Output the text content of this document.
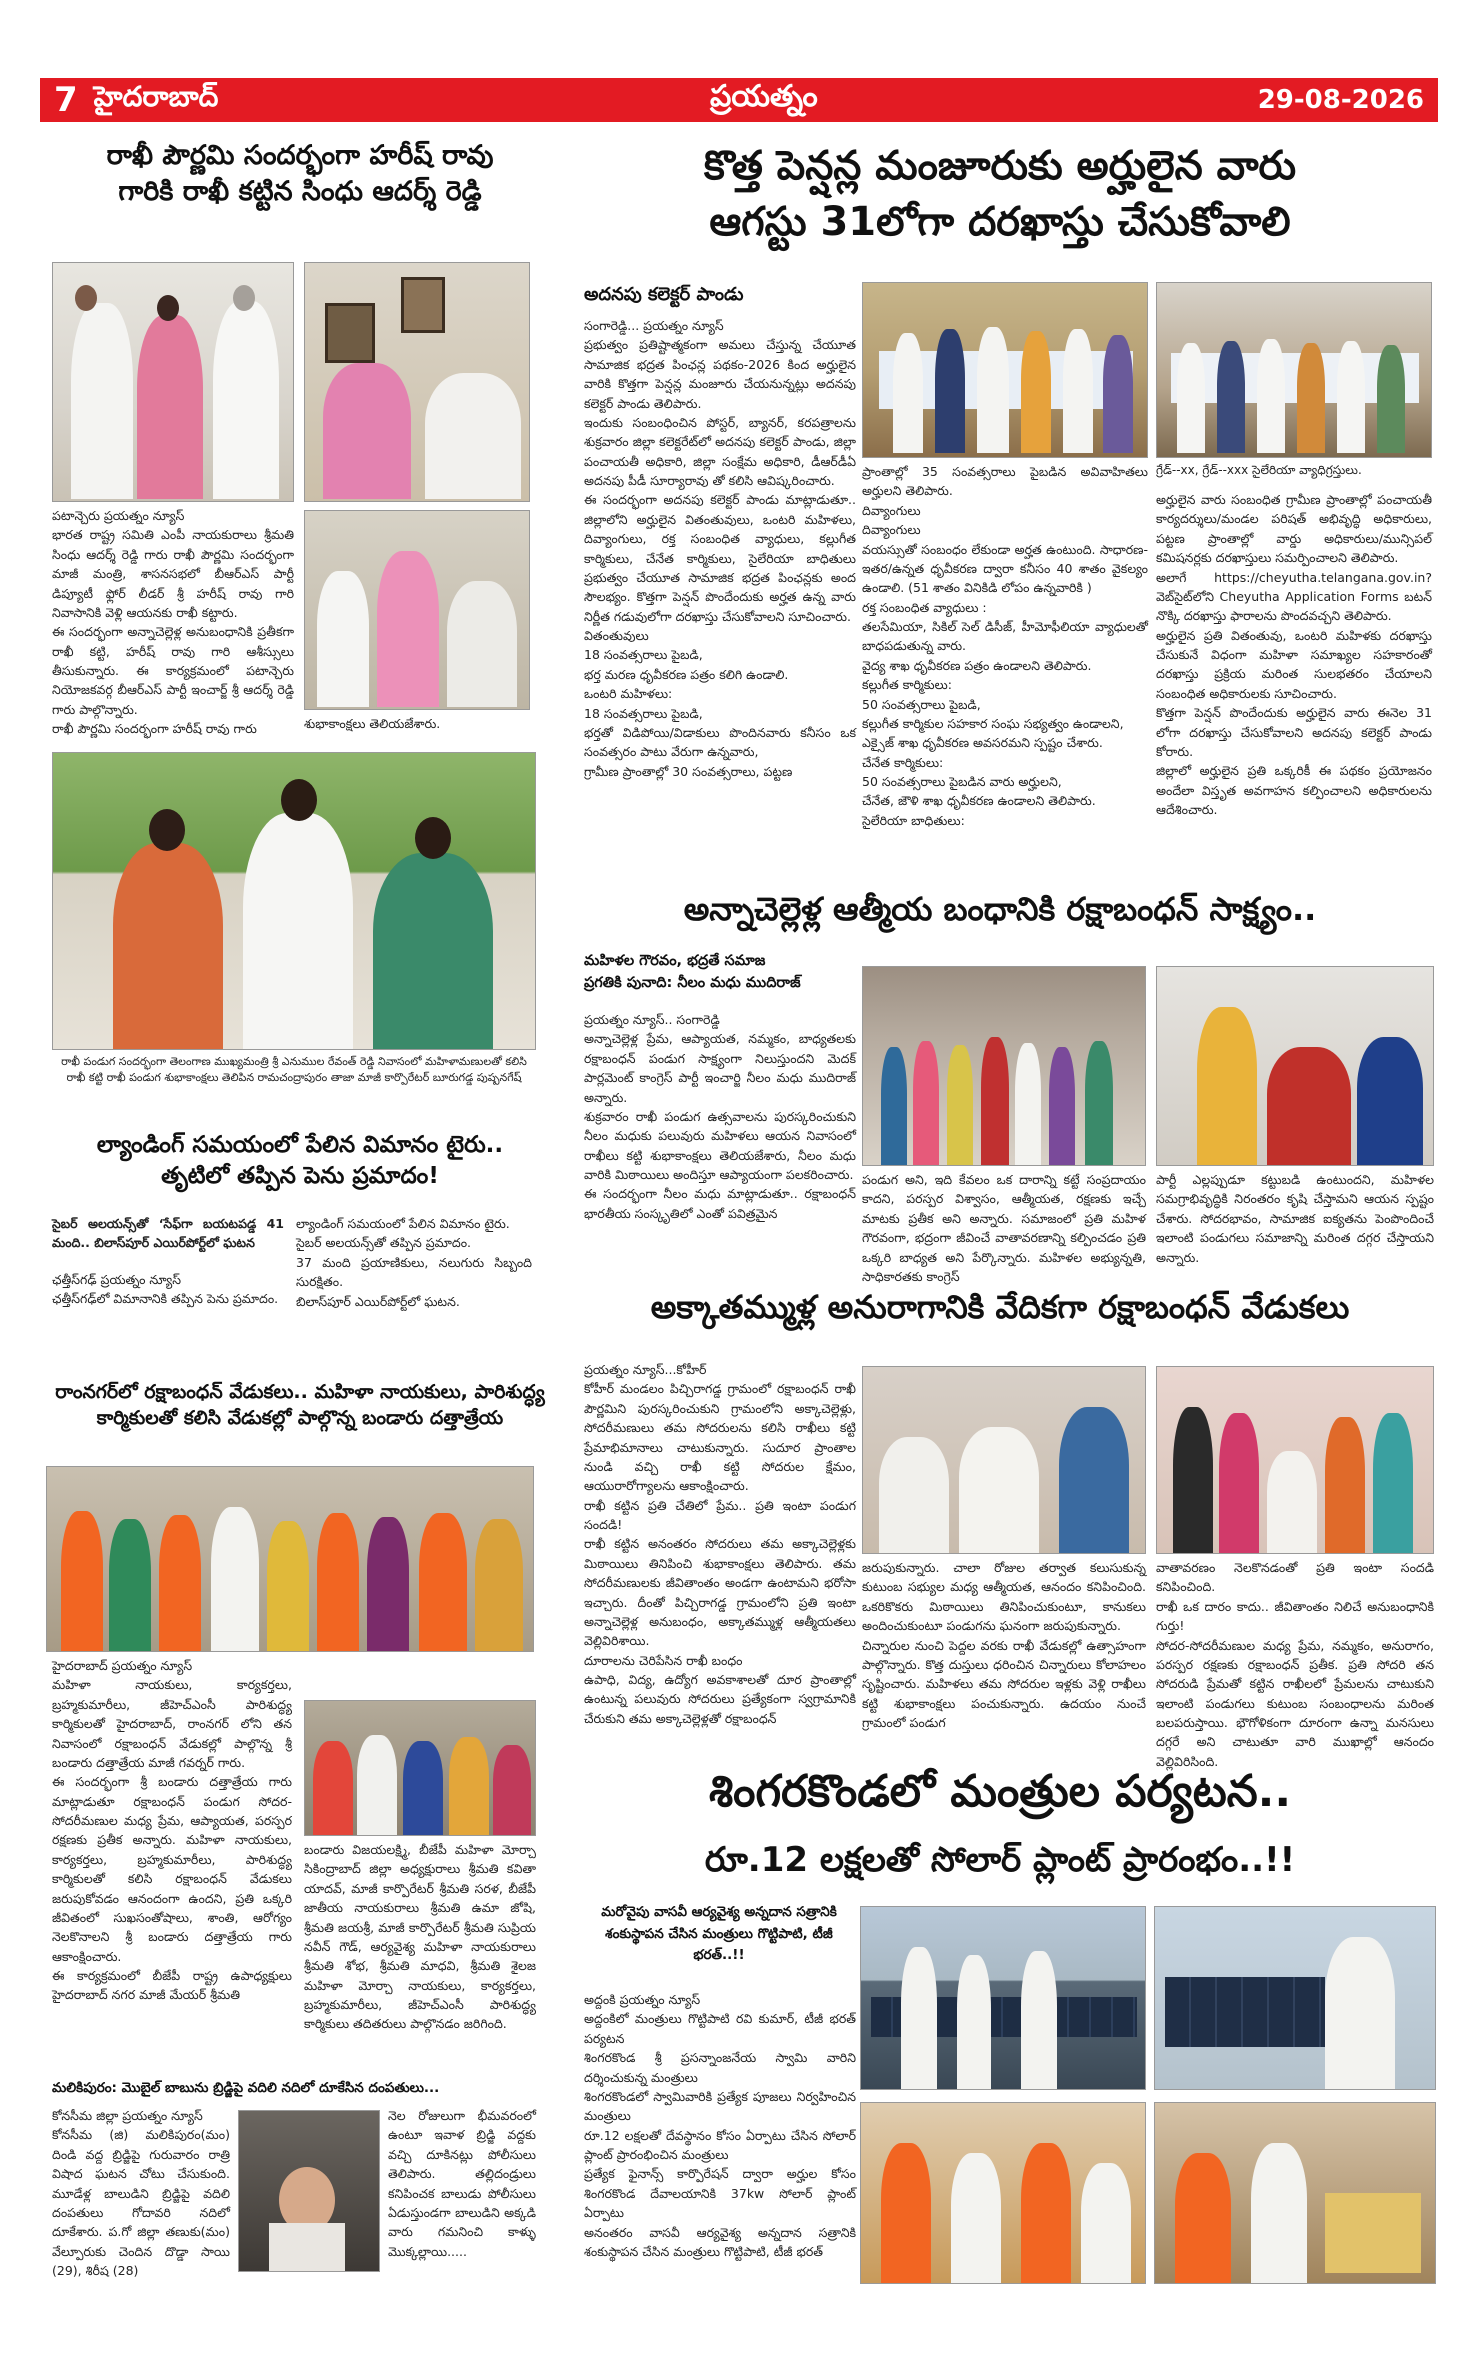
7 హైదరాబాద్	ప్రయత్నం	29-08-2026
రాఖీ పౌర్ణమి సందర్భంగా హరీష్ రావు
గారికి రాఖీ కట్టిన సింధు ఆదర్శ్ రెడ్డి
పటాన్చెరు ప్రయత్నం న్యూస్
భారత రాష్ట్ర సమితి ఎంపీ నాయకురాలు శ్రీమతి సింధు ఆదర్శ్ రెడ్డి గారు రాఖీ పౌర్ణమి సందర్భంగా మాజీ మంత్రి, శాసనసభలో బీఆర్ఎస్ పార్టీ డిప్యూటీ ఫ్లోర్ లీడర్ శ్రీ హరీష్ రావు గారి నివాసానికి వెళ్లి ఆయనకు రాఖీ కట్టారు.
ఈ సందర్భంగా అన్నాచెల్లెళ్ల అనుబంధానికి ప్రతీకగా రాఖీ కట్టి, హరీష్ రావు గారి ఆశీస్సులు తీసుకున్నారు. ఈ కార్యక్రమంలో పటాన్చెరు నియోజకవర్గ బీఆర్ఎస్ పార్టీ ఇంచార్జ్ శ్రీ ఆదర్శ్ రెడ్డి గారు పాల్గొన్నారు.
రాఖీ పౌర్ణమి సందర్భంగా హరీష్ రావు గారు	శుభాకాంక్షలు తెలియజేశారు.
రాఖీ పండుగ సందర్భంగా తెలంగాణ ముఖ్యమంత్రి శ్రీ ఎనుముల రేవంత్ రెడ్డి నివాసంలో మహిళామణులతో కలిసి రాఖీ కట్టి రాఖీ పండుగ శుభాకాంక్షలు తెలిపిన రామచంద్రాపురం తాజా మాజీ కార్పొరేటర్ బూరుగడ్డ పుష్పనగేష్
ల్యాండింగ్ సమయంలో పేలిన విమానం టైరు..
తృటిలో తప్పిన పెను ప్రమాదం!
సైబర్ అలయన్స్‌తో ‘సేఫ్‌గా బయటపడ్డ 41 మంది.. బిలాస్‌పూర్ ఎయిర్‌పోర్ట్‌లో ఘటన
ఛత్తీస్‌గఢ్ ప్రయత్నం న్యూస్
ఛత్తీస్‌గఢ్‌లో విమానానికి తప్పిన పెను ప్రమాదం.
ల్యాండింగ్ సమయంలో పేలిన విమానం టైరు.
సైబర్ అలయన్స్‌తో తప్పిన ప్రమాదం.
37 మంది ప్రయాణికులు, నలుగురు సిబ్బంది సురక్షితం.
బిలాస్‌పూర్ ఎయిర్‌పోర్ట్‌లో ఘటన.
రాంనగర్‌లో రక్షాబంధన్ వేడుకలు.. మహిళా నాయకులు, పారిశుద్ధ్య
కార్మికులతో కలిసి వేడుకల్లో పాల్గొన్న బండారు దత్తాత్రేయ
హైదరాబాద్ ప్రయత్నం న్యూస్
మహిళా నాయకులు, కార్యకర్తలు, బ్రహ్మకుమారీలు, జీహెచ్‌ఎంసీ పారిశుద్ధ్య కార్మికులతో హైదరాబాద్, రాంనగర్ లోని తన నివాసంలో రక్షాబంధన్ వేడుకల్లో పాల్గొన్న శ్రీ బండారు దత్తాత్రేయ మాజీ గవర్నర్ గారు.
ఈ సందర్భంగా శ్రీ బండారు దత్తాత్రేయ గారు మాట్లాడుతూ రక్షాబంధన్ పండుగ సోదర-సోదరీమణుల మధ్య ప్రేమ, ఆప్యాయత, పరస్పర రక్షణకు ప్రతీక అన్నారు. మహిళా నాయకులు, కార్యకర్తలు, బ్రహ్మకుమారీలు, పారిశుద్ధ్య కార్మికులతో కలిసి రక్షాబంధన్ వేడుకలు జరుపుకోవడం ఆనందంగా ఉందని, ప్రతి ఒక్కరి జీవితంలో సుఖసంతోషాలు, శాంతి, ఆరోగ్యం నెలకొనాలని శ్రీ బండారు దత్తాత్రేయ గారు ఆకాంక్షించారు.
ఈ కార్యక్రమంలో బీజేపీ రాష్ట్ర ఉపాధ్యక్షులు హైదరాబాద్ నగర మాజీ మేయర్ శ్రీమతి
బండారు విజయలక్ష్మి, బీజేపీ మహిళా మోర్చా సికింద్రాబాద్ జిల్లా అధ్యక్షురాలు శ్రీమతి కవితా యాదవ్, మాజీ కార్పొరేటర్ శ్రీమతి సరళ, బీజేపీ జాతీయ నాయకురాలు శ్రీమతి ఉమా జోషి, శ్రీమతి జయశ్రీ, మాజీ కార్పొరేటర్ శ్రీమతి సుప్రియ నవీన్ గౌడ్, ఆర్యవైశ్య మహిళా నాయకురాలు శ్రీమతి శోభ, శ్రీమతి మాధవి, శ్రీమతి శైలజ మహిళా మోర్చా నాయకులు, కార్యకర్తలు, బ్రహ్మకుమారీలు, జీహెచ్‌ఎంసీ పారిశుద్ధ్య కార్మికులు తదితరులు పాల్గొనడం జరిగింది.
మలికిపురం: మొబైల్ బాబును బ్రిడ్జిపై వదిలి నదిలో దూకేసిన దంపతులు...
కోనసీమ జిల్లా ప్రయత్నం న్యూస్
కోనసీమ (జి) మలికిపురం(మం) దిండి వద్ద బ్రిడ్జిపై గురువారం రాత్రి విషాద ఘటన చోటు చేసుకుంది. మూడేళ్ల బాలుడిని బ్రిడ్జిపై వదిలి దంపతులు గోదావరి నదిలో దూకేశారు. ప.గో జిల్లా తణుకు(మం) వేల్పూరుకు చెందిన దొడ్డా సాయి (29), శిరీష (28)
నెల రోజులుగా భీమవరంలో ఉంటూ ఇవాళ బ్రిడ్జి వద్దకు వచ్చి దూకినట్లు పోలీసులు తెలిపారు. తల్లిదండ్రులు కనిపించక బాలుడు పోలీసులు ఏడుస్తుండగా బాలుడిని అక్కడి వారు గమనించి కాళ్ళు మొక్కల్లాయి.....
కొత్త పెన్షన్ల మంజూరుకు అర్హులైన వారు
ఆగస్టు 31లోగా దరఖాస్తు చేసుకోవాలి
అదనపు కలెక్టర్ పాండు
సంగారెడ్డి... ప్రయత్నం న్యూస్
ప్రభుత్వం ప్రతిష్టాత్మకంగా అమలు చేస్తున్న చేయూత సామాజిక భద్రత పింఛన్ల పథకం-2026 కింద అర్హులైన వారికి కొత్తగా పెన్షన్ల మంజూరు చేయనున్నట్లు అదనపు కలెక్టర్ పాండు తెలిపారు.
ఇందుకు సంబంధించిన పోస్టర్, బ్యానర్, కరపత్రాలను శుక్రవారం జిల్లా కలెక్టరేట్‌లో అదనపు కలెక్టర్ పాండు, జిల్లా పంచాయతీ అధికారి, జిల్లా సంక్షేమ అధికారి, డీఆర్‌డీఏ అదనపు పీడీ సూర్యారావు తో కలిసి ఆవిష్కరించారు.
ఈ సందర్భంగా అదనపు కలెక్టర్ పాండు మాట్లాడుతూ.. జిల్లాలోని అర్హులైన వితంతువులు, ఒంటరి మహిళలు, దివ్యాంగులు, రక్త సంబంధిత వ్యాధులు, కల్లుగీత కార్మికులు, చేనేత కార్మికులు, సైలేరియా బాధితులు ప్రభుత్వం చేయూత సామాజిక భద్రత పింఛన్లకు అంద సౌలభ్యం. కొత్తగా పెన్షన్ పొందేందుకు అర్హత ఉన్న వారు నిర్ణీత గడువులోగా దరఖాస్తు చేసుకోవాలని సూచించారు.
వితంతువులు
18 సంవత్సరాలు పైబడి,
భర్త మరణ ధృవీకరణ పత్రం కలిగి ఉండాలి.
ఒంటరి మహిళలు:
18 సంవత్సరాలు పైబడి,
భర్తతో విడిపోయి/విడాకులు పొందినవారు కనీసం ఒక సంవత్సరం పాటు వేరుగా ఉన్నవారు,
గ్రామీణ ప్రాంతాల్లో 30 సంవత్సరాలు, పట్టణ
ప్రాంతాల్లో 35 సంవత్సరాలు పైబడిన అవివాహితలు అర్హులని తెలిపారు.
దివ్యాంగులు
దివ్యాంగులు
వయస్సుతో సంబంధం లేకుండా అర్హత ఉంటుంది. సాధారణ-ఇతర/ఉన్నత ధృవీకరణ ద్వారా కనీసం 40 శాతం వైకల్యం ఉండాలి. (51 శాతం వినికిడి లోపం ఉన్నవారికి )
రక్త సంబంధిత వ్యాధులు :
తలసేమియా, సికిల్ సెల్ డిసీజ్, హీమోఫీలియా వ్యాధులతో బాధపడుతున్న వారు.
వైద్య శాఖ ధృవీకరణ పత్రం ఉండాలని తెలిపారు.
కల్లుగీత కార్మికులు:
50 సంవత్సరాలు పైబడి,
కల్లుగీత కార్మికుల సహకార సంఘ సభ్యత్వం ఉండాలని,
ఎక్సైజ్ శాఖ ధృవీకరణ అవసరమని స్పష్టం చేశారు.
చేనేత కార్మికులు:
50 సంవత్సరాలు పైబడిన వారు అర్హులని,
చేనేత, జౌళి శాఖ ధృవీకరణ ఉండాలని తెలిపారు.
సైలేరియా బాధితులు:
గ్రేడ్--xx, గ్రేడ్--xxx సైలేరియా వ్యాధిగ్రస్తులు.
అర్హులైన వారు సంబంధిత గ్రామీణ ప్రాంతాల్లో పంచాయతీ కార్యదర్శులు/మండల పరిషత్ అభివృద్ధి అధికారులు, పట్టణ ప్రాంతాల్లో వార్డు అధికారులు/మున్సిపల్ కమిషనర్లకు దరఖాస్తులు సమర్పించాలని తెలిపారు.
అలాగే https://cheyutha.telangana.gov.in? వెబ్‌సైట్‌లోని Cheyutha Application Forms బటన్ నొక్కి దరఖాస్తు ఫారాలను పొందవచ్చని తెలిపారు.
అర్హులైన ప్రతి వితంతువు, ఒంటరి మహిళకు దరఖాస్తు చేసుకునే విధంగా మహిళా సమాఖ్యల సహకారంతో దరఖాస్తు ప్రక్రియ మరింత సులభతరం చేయాలని సంబంధిత అధికారులకు సూచించారు.
కొత్తగా పెన్షన్ పొందేందుకు అర్హులైన వారు ఈనెల 31 లోగా దరఖాస్తు చేసుకోవాలని అదనపు కలెక్టర్ పాండు కోరారు.
జిల్లాలో అర్హులైన ప్రతి ఒక్కరికీ ఈ పథకం ప్రయోజనం అందేలా విస్తృత అవగాహన కల్పించాలని అధికారులను ఆదేశించారు.
అన్నాచెల్లెళ్ల ఆత్మీయ బంధానికి రక్షాబంధన్ సాక్ష్యం..
మహిళల గౌరవం, భద్రతే సమాజ
ప్రగతికి పునాది: నీలం మధు ముదిరాజ్
ప్రయత్నం న్యూస్.. సంగారెడ్డి
అన్నాచెల్లెళ్ల ప్రేమ, ఆప్యాయత, నమ్మకం, బాధ్యతలకు రక్షాబంధన్ పండుగ సాక్ష్యంగా నిలుస్తుందని మెదక్ పార్లమెంట్ కాంగ్రెస్ పార్టీ ఇంచార్జి నీలం మధు ముదిరాజ్ అన్నారు.
శుక్రవారం రాఖీ పండుగ ఉత్సవాలను పురస్కరించుకుని నీలం మధుకు పలువురు మహిళలు ఆయన నివాసంలో రాఖీలు కట్టి శుభాకాంక్షలు తెలియజేశారు, నీలం మధు వారికి మిఠాయిలు అందిస్తూ ఆప్యాయంగా పలకరించారు.
ఈ సందర్భంగా నీలం మధు మాట్లాడుతూ.. రక్షాబంధన్ భారతీయ సంస్కృతిలో ఎంతో పవిత్రమైన
పండుగ అని, ఇది కేవలం ఒక దారాన్ని కట్టే సంప్రదాయం కాదని, పరస్పర విశ్వాసం, ఆత్మీయత, రక్షణకు ఇచ్చే మాటకు ప్రతీక అని అన్నారు. సమాజంలో ప్రతి మహిళ గౌరవంగా, భద్రంగా జీవించే వాతావరణాన్ని కల్పించడం ప్రతి ఒక్కరి బాధ్యత అని పేర్కొన్నారు. మహిళల అభ్యున్నతి, సాధికారతకు కాంగ్రెస్
పార్టీ ఎల్లప్పుడూ కట్టుబడి ఉంటుందని, మహిళల సమగ్రాభివృద్ధికి నిరంతరం కృషి చేస్తామని ఆయన స్పష్టం చేశారు. సోదరభావం, సామాజిక ఐక్యతను పెంపొందించే ఇలాంటి పండుగలు సమాజాన్ని మరింత దగ్గర చేస్తాయని అన్నారు.
అక్కాతమ్ముళ్ల అనురాగానికి వేదికగా రక్షాబంధన్ వేడుకలు
ప్రయత్నం న్యూస్...కోహీర్
కోహీర్ మండలం పిచ్చిరాగడ్డ గ్రామంలో రక్షాబంధన్ రాఖీ పౌర్ణమిని పురస్కరించుకుని గ్రామంలోని అక్కాచెల్లెళ్లు, సోదరీమణులు తమ సోదరులను కలిసి రాఖీలు కట్టి ప్రేమాభిమానాలు చాటుకున్నారు. సుదూర ప్రాంతాల నుండి వచ్చి రాఖీ కట్టి సోదరుల క్షేమం, ఆయురారోగ్యాలను ఆకాంక్షించారు.
రాఖీ కట్టిన ప్రతి చేతిలో ప్రేమ.. ప్రతి ఇంటా పండుగ సందడి!
రాఖీ కట్టిన అనంతరం సోదరులు తమ అక్కాచెల్లెళ్లకు మిఠాయిలు తినిపించి శుభాకాంక్షలు తెలిపారు. తమ సోదరీమణులకు జీవితాంతం అండగా ఉంటామని భరోసా ఇచ్చారు. దీంతో పిచ్చిరాగడ్డ గ్రామంలోని ప్రతి ఇంటా అన్నాచెల్లెళ్ల అనుబంధం, అక్కాతమ్ముళ్ల ఆత్మీయతలు వెల్లివిరిశాయి.
దూరాలను చెరిపేసిన రాఖీ బంధం
ఉపాధి, విద్య, ఉద్యోగ అవకాశాలతో దూర ప్రాంతాల్లో ఉంటున్న పలువురు సోదరులు ప్రత్యేకంగా స్వగ్రామానికి చేరుకుని తమ అక్కాచెల్లెళ్లతో రక్షాబంధన్
జరుపుకున్నారు. చాలా రోజుల తర్వాత కలుసుకున్న కుటుంబ సభ్యుల మధ్య ఆత్మీయత, ఆనందం కనిపించింది. ఒకరికొకరు మిఠాయిలు తినిపించుకుంటూ, కానుకలు అందించుకుంటూ పండుగను ఘనంగా జరుపుకున్నారు.
చిన్నారుల నుంచి పెద్దల వరకు రాఖీ వేడుకల్లో ఉత్సాహంగా పాల్గొన్నారు. కొత్త దుస్తులు ధరించిన చిన్నారులు కోలాహలం సృష్టించారు. మహిళలు తమ సోదరుల ఇళ్లకు వెళ్లి రాఖీలు కట్టి శుభాకాంక్షలు పంచుకున్నారు. ఉదయం నుంచే గ్రామంలో పండుగ
వాతావరణం నెలకొనడంతో ప్రతి ఇంటా సందడి కనిపించింది.
రాఖీ ఒక దారం కాదు.. జీవితాంతం నిలిచే అనుబంధానికి గుర్తు!
సోదర-సోదరీమణుల మధ్య ప్రేమ, నమ్మకం, అనురాగం, పరస్పర రక్షణకు రక్షాబంధన్ ప్రతీక. ప్రతి సోదరి తన సోదరుడి ప్రేమతో కట్టిన రాఖీలలో ప్రేమలను చాటుకుని ఇలాంటి పండుగలు కుటుంబ సంబంధాలను మరింత బలపరుస్తాయి. భౌగోళికంగా దూరంగా ఉన్నా మనసులు దగ్గరే అని చాటుతూ వారి ముఖాల్లో ఆనందం వెల్లివిరిసింది.
శింగరకొండలో మంత్రుల పర్యటన..
రూ.12 లక్షలతో సోలార్ ప్లాంట్ ప్రారంభం..!!
మరోవైపు వాసవీ ఆర్యవైశ్య అన్నదాన సత్రానికి శంకుస్థాపన చేసిన మంత్రులు గొట్టిపాటి, టీజీ భరత్..!!
అద్దంకి ప్రయత్నం న్యూస్
అద్దంకిలో మంత్రులు గొట్టిపాటి రవి కుమార్, టీజీ భరత్ పర్యటన
శింగరకొండ శ్రీ ప్రసన్నాంజనేయ స్వామి వారిని దర్శించుకున్న మంత్రులు
శింగరకొండలో స్వామివారికి ప్రత్యేక పూజలు నిర్వహించిన మంత్రులు
రూ.12 లక్షలతో దేవస్థానం కోసం ఏర్పాటు చేసిన సోలార్ ప్లాంట్ ప్రారంభించిన మంత్రులు
ప్రత్యేక ఫైనాన్స్ కార్పొరేషన్ ద్వారా అర్హుల కోసం శింగరకొండ దేవాలయానికి 37kw సోలార్ ప్లాంట్ ఏర్పాటు
అనంతరం వాసవీ ఆర్యవైశ్య అన్నదాన సత్రానికి శంకుస్థాపన చేసిన మంత్రులు గొట్టిపాటి, టీజీ భరత్
